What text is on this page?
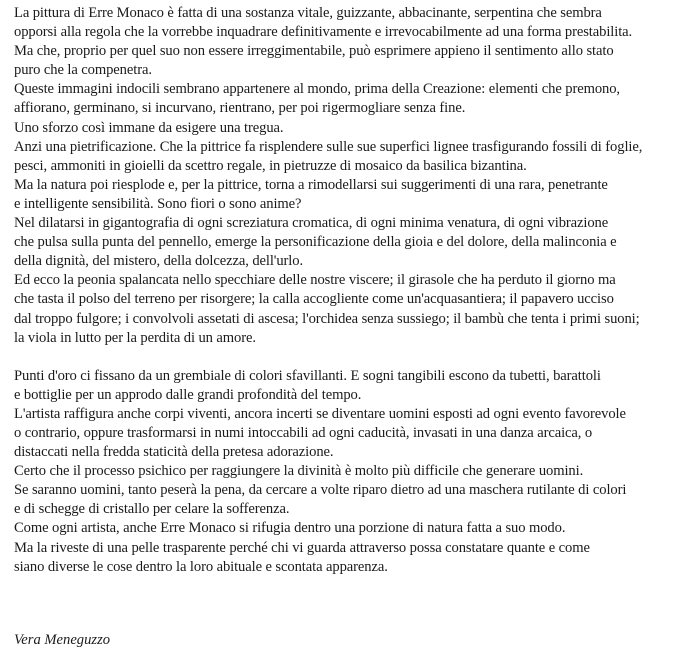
La pittura di Erre Monaco è fatta di una sostanza vitale, guizzante, abbacinante, serpentina che sembra
opporsi alla regola che la vorrebbe inquadrare definitivamente e irrevocabilmente ad una forma prestabilita.
Ma che, proprio per quel suo non essere irreggimentabile, può esprimere appieno il sentimento allo stato
puro che la compenetra.
Queste immagini indocili sembrano appartenere al mondo, prima della Creazione: elementi che premono,
affiorano, germinano, si incurvano, rientrano, per poi rigermogliare senza fine.
Uno sforzo così immane da esigere una tregua.
Anzi una pietrificazione. Che la pittrice fa risplendere sulle sue superfici lignee trasfigurando fossili di foglie,
pesci, ammoniti in gioielli da scettro regale, in pietruzze di mosaico da basilica bizantina.
Ma la natura poi riesplode e, per la pittrice, torna a rimodellarsi sui suggerimenti di una rara, penetrante
e intelligente sensibilità. Sono fiori o sono anime?
Nel dilatarsi in gigantografia di ogni screziatura cromatica, di ogni minima venatura, di ogni vibrazione
che pulsa sulla punta del pennello, emerge la personificazione della gioia e del dolore, della malinconia e
della dignità, del mistero, della dolcezza, dell'urlo.
Ed ecco la peonia spalancata nello specchiare delle nostre viscere; il girasole che ha perduto il giorno ma
che tasta il polso del terreno per risorgere; la calla accogliente come un'acquasantiera; il papavero ucciso
dal troppo fulgore; i convolvoli assetati di ascesa; l'orchidea senza sussiego; il bambù che tenta i primi suoni;
la viola in lutto per la perdita di un amore.
Punti d'oro ci fissano da un grembiale di colori sfavillanti. E sogni tangibili escono da tubetti, barattoli
e bottiglie per un approdo dalle grandi profondità del tempo.
L'artista raffigura anche corpi viventi, ancora incerti se diventare uomini esposti ad ogni evento favorevole
o contrario, oppure trasformarsi in numi intoccabili ad ogni caducità, invasati in una danza arcaica, o
distaccati nella fredda staticità della pretesa adorazione.
Certo che il processo psichico per raggiungere la divinità è molto più difficile che generare uomini.
Se saranno uomini, tanto peserà la pena, da cercare a volte riparo dietro ad una maschera rutilante di colori
e di schegge di cristallo per celare la sofferenza.
Come ogni artista, anche Erre Monaco si rifugia dentro una porzione di natura fatta a suo modo.
Ma la riveste di una pelle trasparente perché chi vi guarda attraverso possa constatare quante e come
siano diverse le cose dentro la loro abituale e scontata apparenza.
Vera Meneguzzo
